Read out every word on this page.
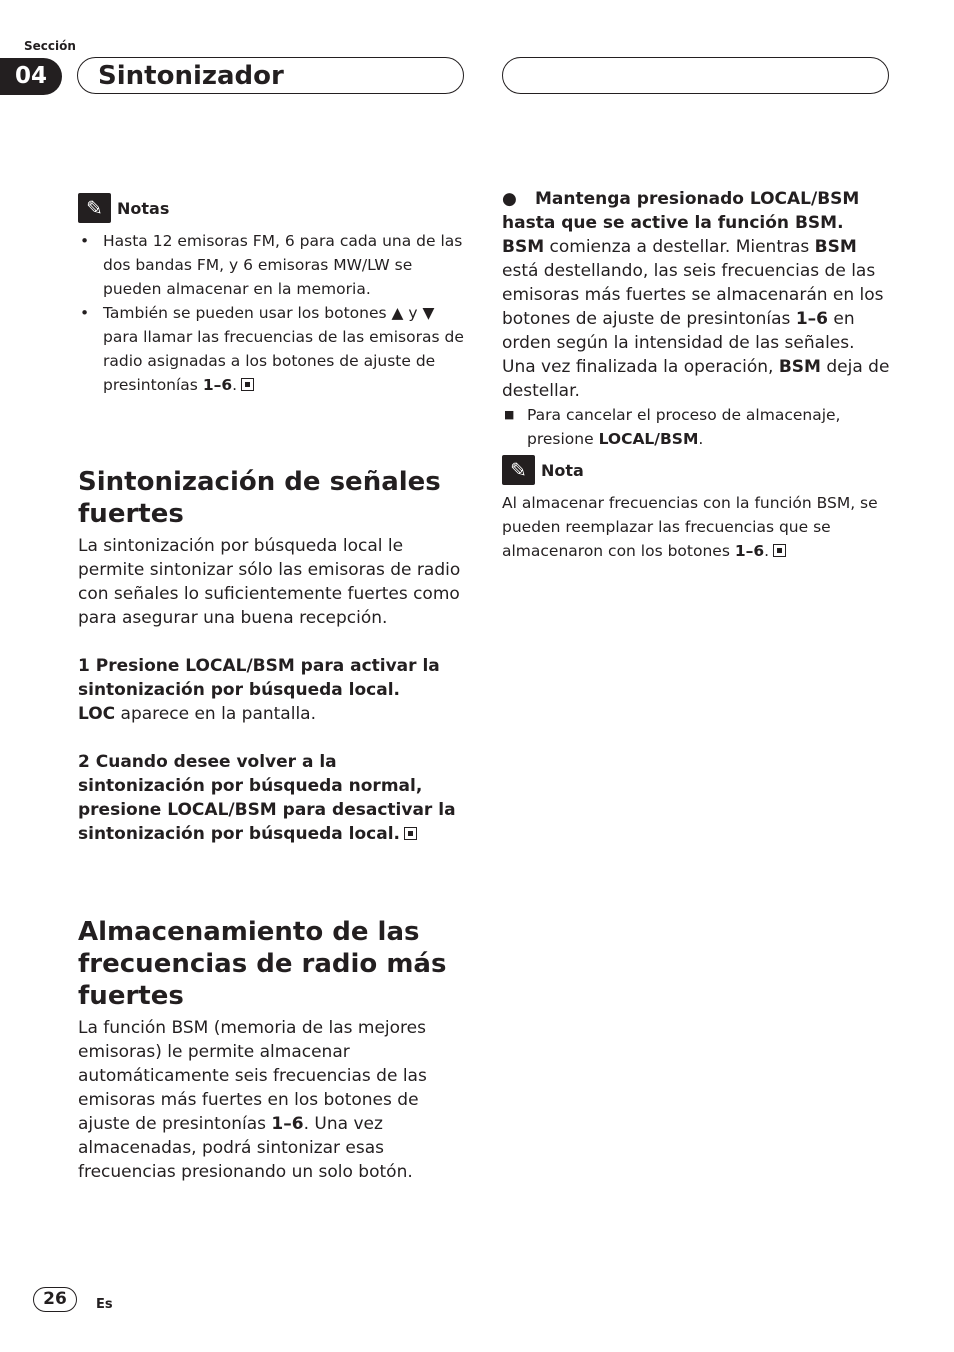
Sección
04	Sintonizador
✎ Notas

• Hasta 12 emisoras FM, 6 para cada una de las dos bandas FM, y 6 emisoras MW/LW se pueden almacenar en la memoria.

• También se pueden usar los botones ▲ y ▼ para llamar las frecuencias de las emisoras de radio asignadas a los botones de ajuste de presintonías 1–6.

Sintonización de señales fuertes

La sintonización por búsqueda local le permite sintonizar sólo las emisoras de radio con señales lo suficientemente fuertes como para asegurar una buena recepción.

1 Presione LOCAL/BSM para activar la sintonización por búsqueda local.

LOC aparece en la pantalla.

2 Cuando desee volver a la sintonización por búsqueda normal, presione LOCAL/BSM para desactivar la sintonización por búsqueda local.

Almacenamiento de las frecuencias de radio más fuertes

La función BSM (memoria de las mejores emisoras) le permite almacenar automáticamente seis frecuencias de las emisoras más fuertes en los botones de ajuste de presintonías 1–6. Una vez almacenadas, podrá sintonizar esas frecuencias presionando un solo botón.

● Mantenga presionado LOCAL/BSM hasta que se active la función BSM.

BSM comienza a destellar. Mientras BSM está destellando, las seis frecuencias de las emisoras más fuertes se almacenarán en los botones de ajuste de presintonías 1–6 en orden según la intensidad de las señales. Una vez finalizada la operación, BSM deja de destellar.

■ Para cancelar el proceso de almacenaje, presione LOCAL/BSM.

✎ Nota

Al almacenar frecuencias con la función BSM, se pueden reemplazar las frecuencias que se almacenaron con los botones 1–6.

26	Es
